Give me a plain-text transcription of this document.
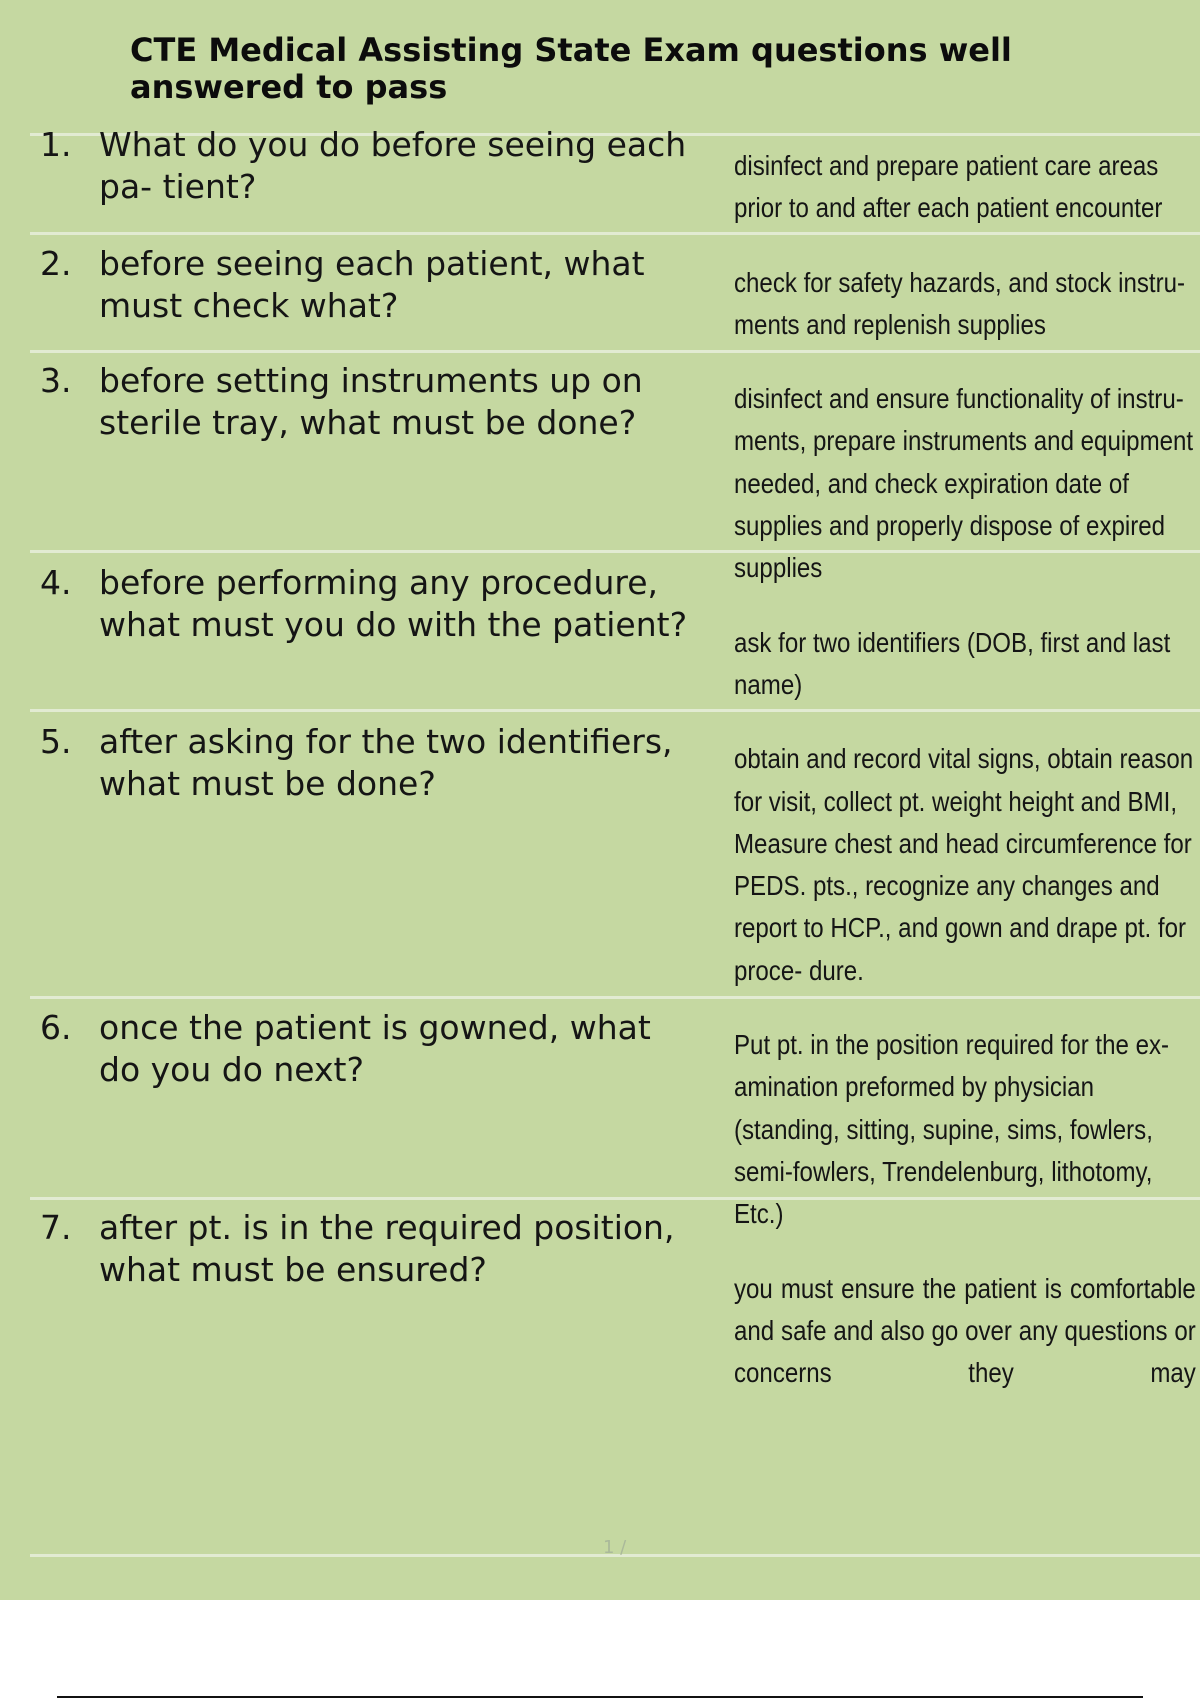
CTE Medical Assisting State Exam questions well answered to pass
1. What do you do before seeing each pa- tient?
2. before seeing each patient, what must check what?
3. before setting instruments up on sterile tray, what must be done?
4. before performing any procedure, what must you do with the patient?
5. after asking for the two identifiers, what must be done?
6. once the patient is gowned, what do you do next?
7. after pt. is in the required position, what must be ensured?
disinfect and prepare patient care areas prior to and after each patient encounter
check for safety hazards, and stock instru- ments and replenish supplies
disinfect and ensure functionality of instru- ments, prepare instruments and equipment needed, and check expiration date of supplies and properly dispose of expired supplies
ask for two identifiers (DOB, first and last name)
obtain and record vital signs, obtain reason for visit, collect pt. weight height and BMI, Measure chest and head circumference for PEDS. pts., recognize any changes and report to HCP., and gown and drape pt. for proce- dure.
Put pt. in the position required for the ex- amination preformed by physician (standing, sitting, supine, sims, fowlers, semi-fowlers, Trendelenburg, lithotomy, Etc.)
you must ensure the patient is comfortable and safe and also go over any questions or concerns they may
1 /
